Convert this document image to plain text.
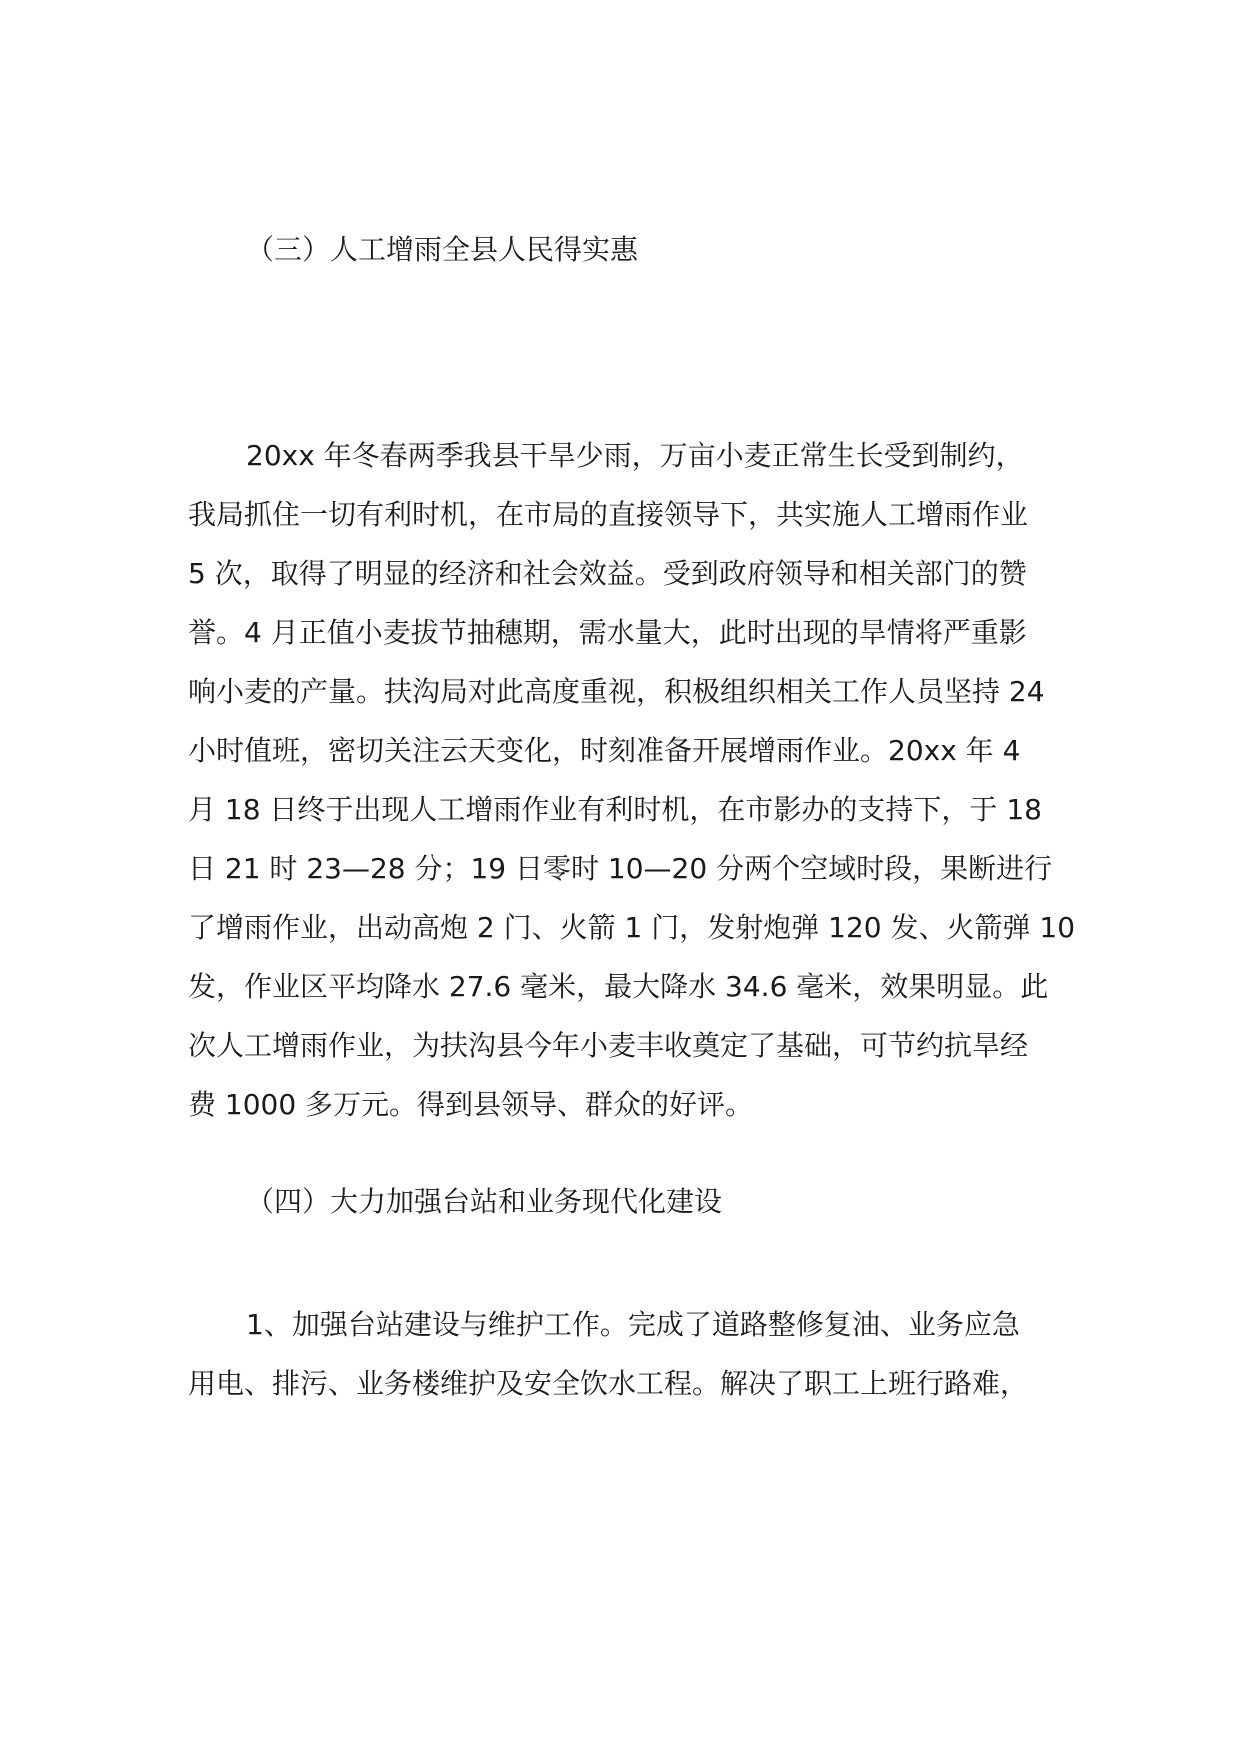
（三）人工增雨全县人民得实惠
20xx 年冬春两季我县干旱少雨，万亩小麦正常生长受到制约，
我局抓住一切有利时机，在市局的直接领导下，共实施人工增雨作业
5 次，取得了明显的经济和社会效益。受到政府领导和相关部门的赞
誉。4 月正值小麦拔节抽穗期，需水量大，此时出现的旱情将严重影
响小麦的产量。扶沟局对此高度重视，积极组织相关工作人员坚持 24
小时值班，密切关注云天变化，时刻准备开展增雨作业。20xx 年 4
月 18 日终于出现人工增雨作业有利时机，在市影办的支持下，于 18
日 21 时 23—28 分；19 日零时 10—20 分两个空域时段，果断进行
了增雨作业，出动高炮 2 门、火箭 1 门，发射炮弹 120 发、火箭弹 10
发，作业区平均降水 27.6 毫米，最大降水 34.6 毫米，效果明显。此
次人工增雨作业，为扶沟县今年小麦丰收奠定了基础，可节约抗旱经
费 1000 多万元。得到县领导、群众的好评。
（四）大力加强台站和业务现代化建设
1、加强台站建设与维护工作。完成了道路整修复油、业务应急
用电、排污、业务楼维护及安全饮水工程。解决了职工上班行路难，
